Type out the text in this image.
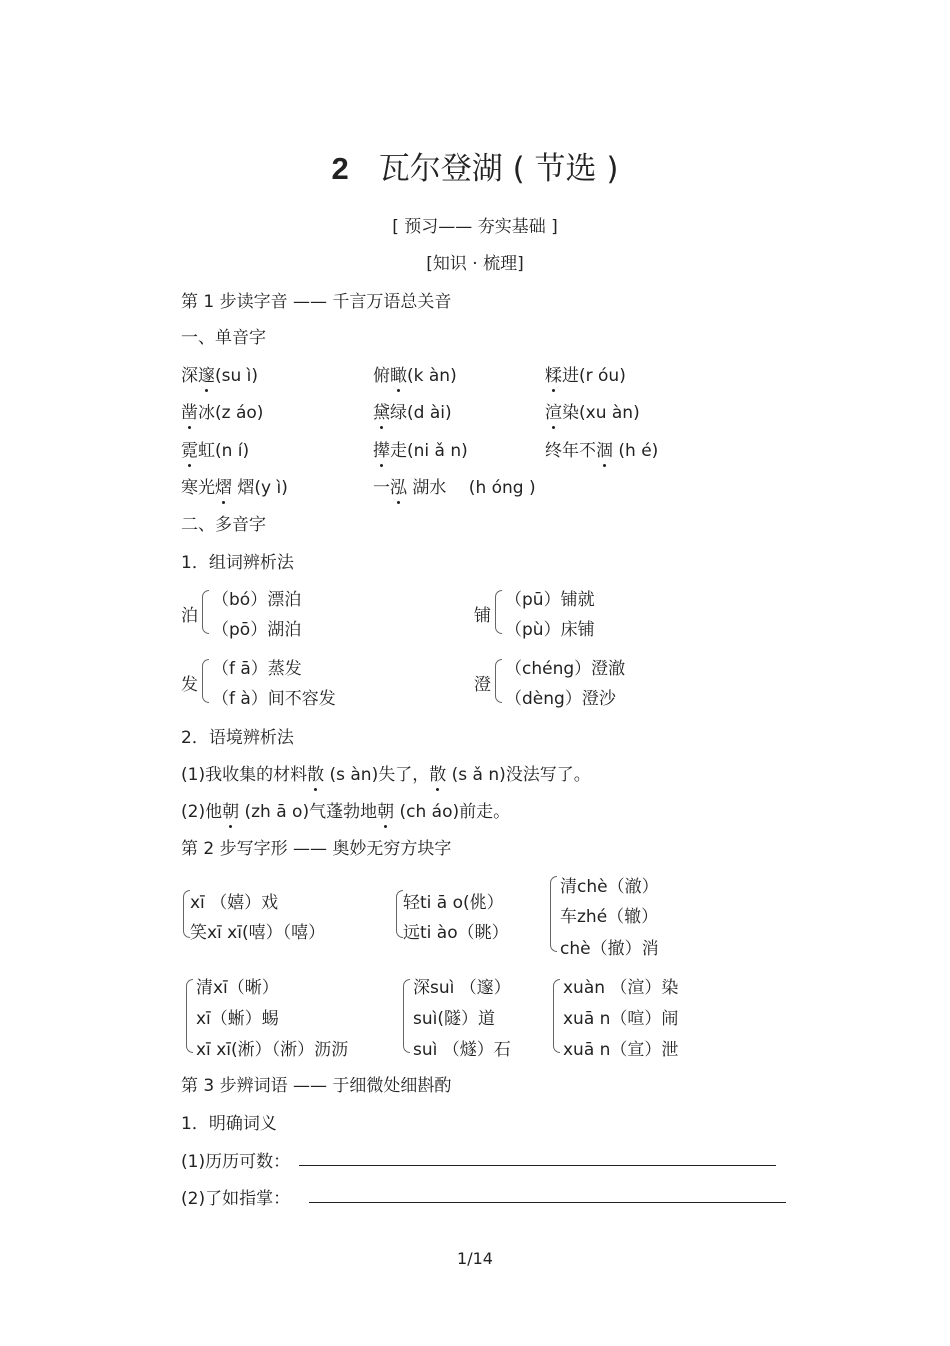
2 瓦尔登湖 ( 节选 )
[ 预习—— 夯实基础 ]
[知识 · 梳理]
第 1 步读字音 —— 千言万语总关音
一、单音字
深邃(su ì)	俯瞰(k àn)	糅进(r óu)
凿冰(z áo)	黛绿(d ài)	渲染(xu àn)
霓虹(n í)	撵走(ni ǎ n)	终年不涸 (h é)
寒光熠 熠(y ì)	一泓 湖水　 (h óng )
二、多音字
1．组词辨析法
泊
（bó）漂泊
（pō）湖泊
铺
（pū）铺就
（pù）床铺
发
（f ā）蒸发
（f à）间不容发
澄
（chéng）澄澈
（dèng）澄沙
2．语境辨析法
(1)我收集的材料散 (s àn)失了，散 (s ǎ n)没法写了。
(2)他朝 (zh ā o)气蓬勃地朝 (ch áo)前走。
第 2 步写字形 —— 奥妙无穷方块字
xī （嬉）戏
笑xī xī(嘻）（嘻）
轻ti ā o(佻）
远ti ào（眺）
清chè（澈）
车zhé（辙）
chè（撤）消
清xī（晰）
xī（蜥）蜴
xī xī(淅）（淅）沥沥
深suì （邃）
suì(隧）道
suì （燧）石
xuàn （渲）染
xuā n（喧）闹
xuā n（宣）泄
第 3 步辨词语 —— 于细微处细斟酌
1．明确词义
(1)历历可数：
(2)了如指掌：
1/14
